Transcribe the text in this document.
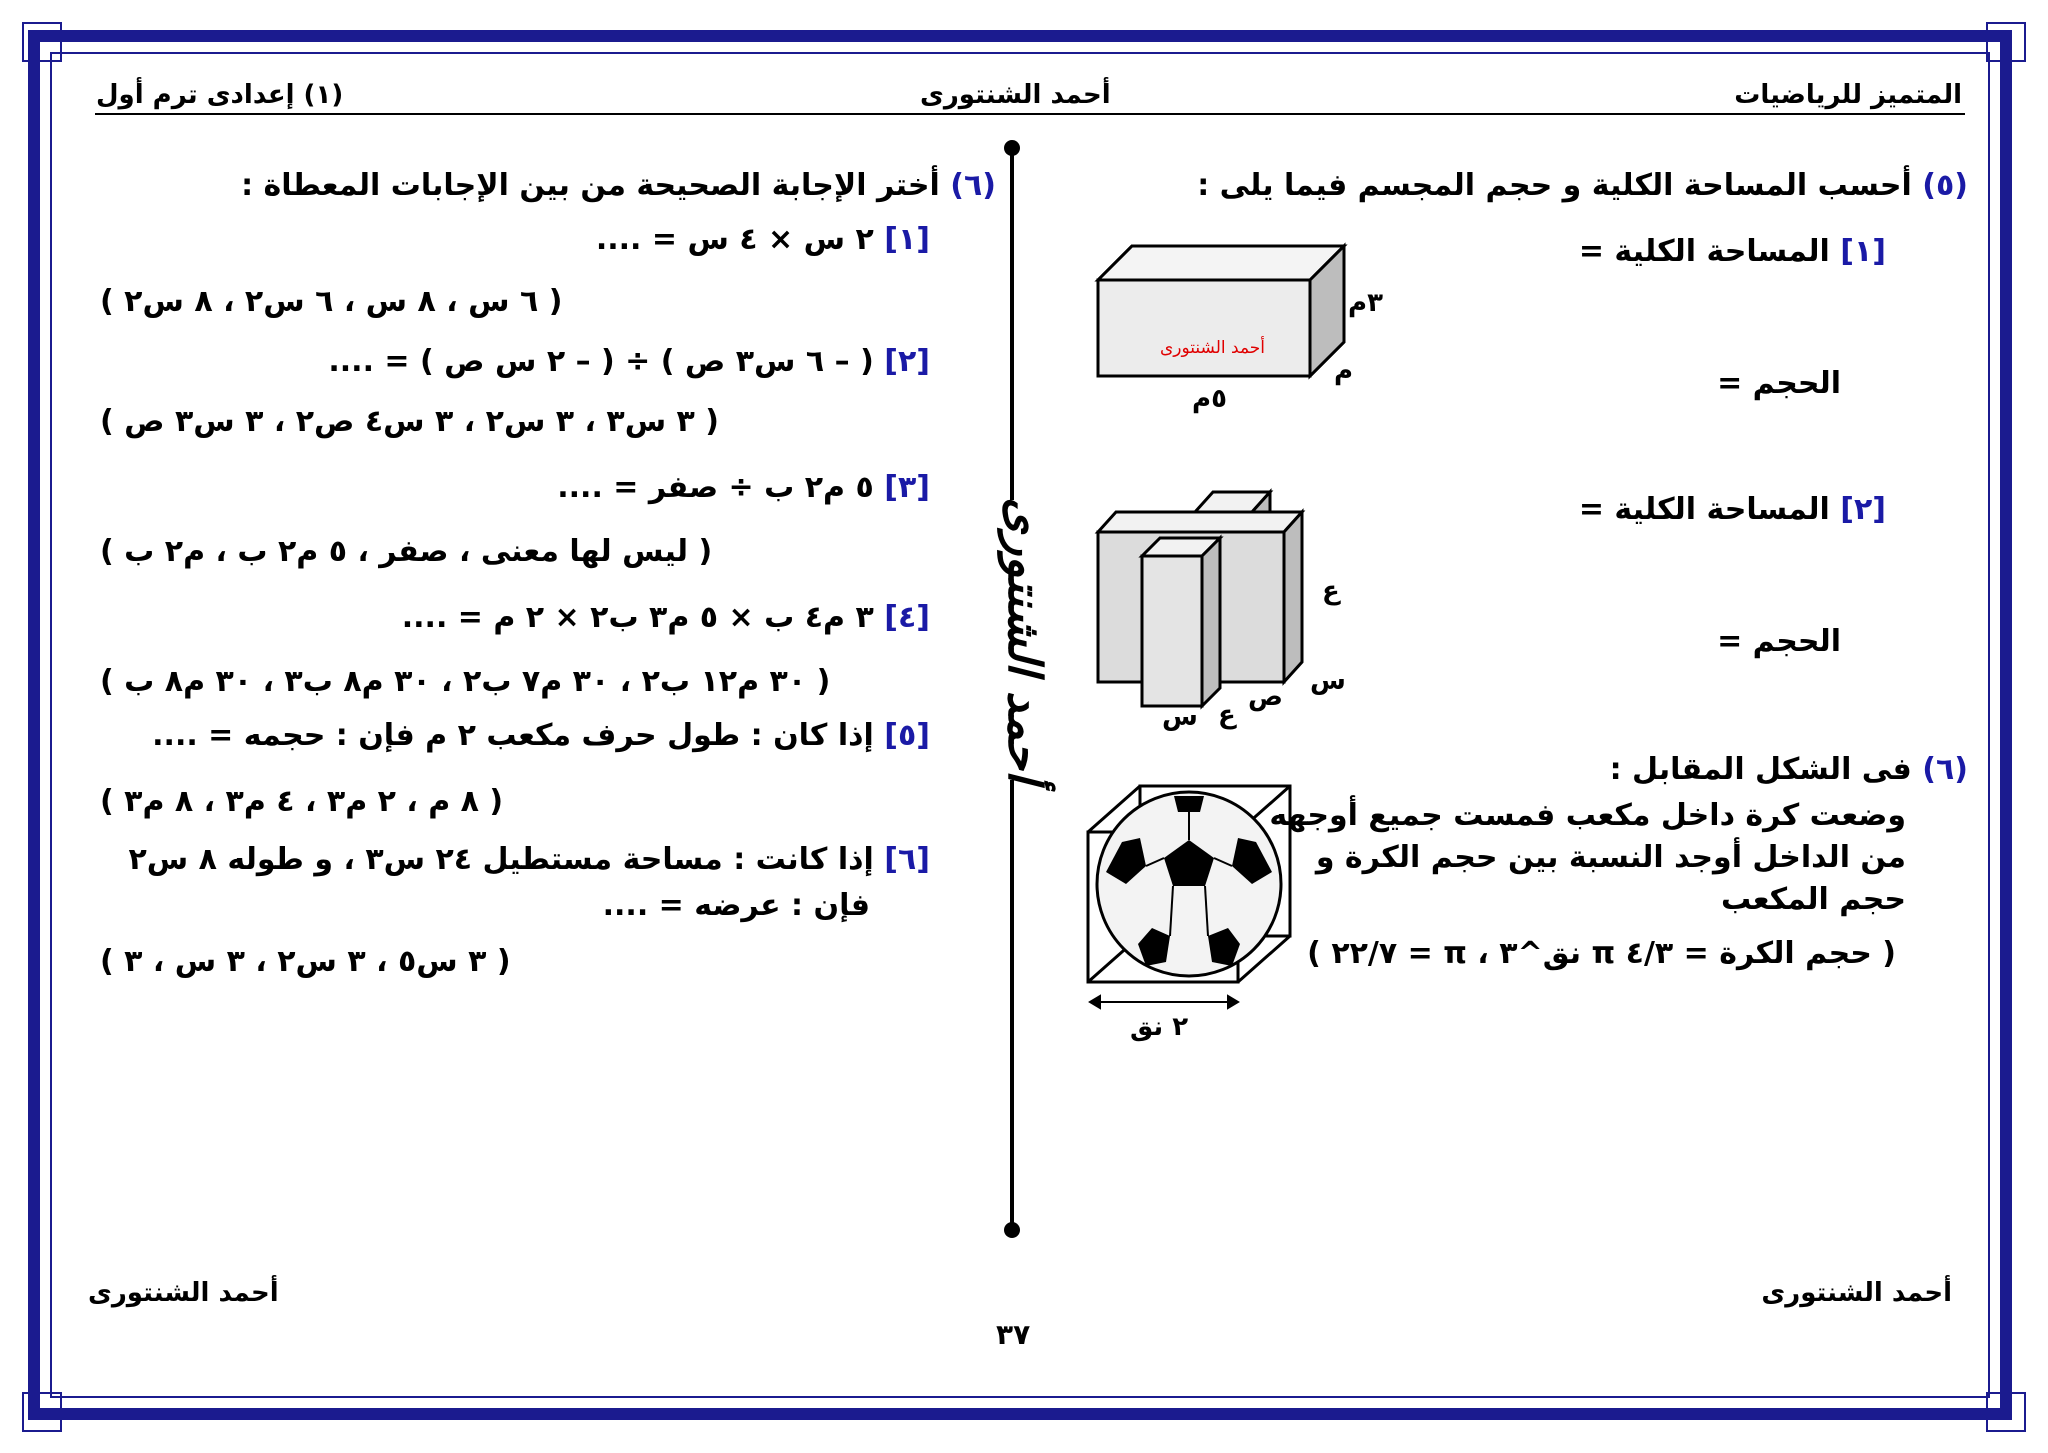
المتميز للرياضيات
أحمد الشنتورى
(١) إعدادى ترم أول
أحمد الشنتورى
(٥) أحسب المساحة الكلية و حجم المجسم فيما يلى :
[١] المساحة الكلية =
الحجم =
أحمد الشنتورى
٣م
م
٥م
[٢] المساحة الكلية =
الحجم =
ع
س
ص
س ع
(٦) فى الشكل المقابل :
وضعت كرة داخل مكعب فمست جميع أوجهه
من الداخل أوجد النسبة بين حجم الكرة و
حجم المكعب
( حجم الكرة = ٤/٣ π نق^٣ ، π = ٢٢/٧ )
٢ نق
(٦) أختر الإجابة الصحيحة من بين الإجابات المعطاة :
[١] ٢ س × ٤ س = ....
( ٦ س ، ٨ س ، ٦ س٢ ، ٨ س٢ )
[٢] ( – ٦ س٣ ص ) ÷ ( – ٢ س ص ) = ....
( ٣ س٣ ، ٣ س٢ ، ٣ س٤ ص٢ ، ٣ س٣ ص )
[٣] ٥ م٢ ب ÷ صفر = ....
( ليس لها معنى ، صفر ، ٥ م٢ ب ، م٢ ب )
[٤] ٣ م٤ ب × ٥ م٣ ب٢ × ٢ م = ....
( ٣٠ م١٢ ب٢ ، ٣٠ م٧ ب٢ ، ٣٠ م٨ ب٣ ، ٣٠ م٨ ب )
[٥] إذا كان : طول حرف مكعب ٢ م فإن : حجمه = ....
( ٨ م ، ٢ م٣ ، ٤ م٣ ، ٨ م٣ )
[٦] إذا كانت : مساحة مستطيل ٢٤ س٣ ، و طوله ٨ س٢
فإن : عرضه = ....
( ٣ س٥ ، ٣ س٢ ، ٣ س ، ٣ )
أحمد الشنتورى
أحمد الشنتورى
٣٧
